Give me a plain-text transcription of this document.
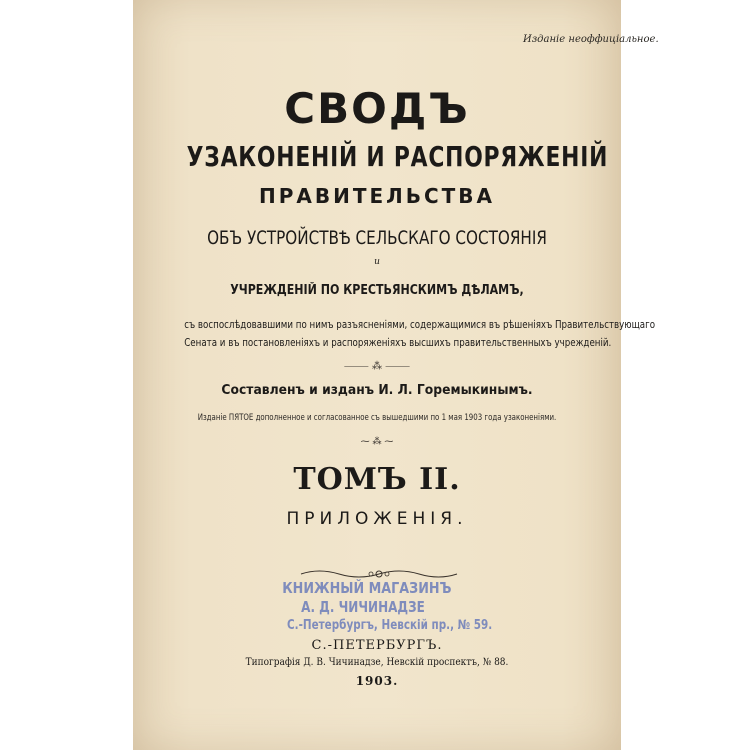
Изданіе неоффиціальное.
СВОДЪ
УЗАКОНЕНІЙ И РАСПОРЯЖЕНІЙ
ПРАВИТЕЛЬСТВА
ОБЪ УСТРОЙСТВѢ СЕЛЬСКАГО СОСТОЯНІЯ
и
УЧРЕЖДЕНІЙ ПО КРЕСТЬЯНСКИМЪ ДѢЛАМЪ,
съ воспослѣдовавшими по нимъ разъясненіями, содержащимися въ рѣшеніяхъ Правительствующаго
Сената и въ постановленіяхъ и распоряженіяхъ высшихъ правительственныхъ учрежденій.
⸻ ⁂ ⸻
Составленъ и изданъ И. Л. Горемыкинымъ.
Изданіе ПЯТОЕ дополненное и согласованное съ вышедшими по 1 мая 1903 года узаконеніями.
⁓ ⁂ ⁓
ТОМЪ II.
ПРИЛОЖЕНІЯ.
КНИЖНЫЙ МАГАЗИНЪ
А. Д. ЧИЧИНАДЗЕ
С.-Петербургъ, Невскій пр., № 59.
С.-ПЕТЕРБУРГЪ.
Типографія Д. В. Чичинадзе, Невскій проспектъ, № 88.
1903.
